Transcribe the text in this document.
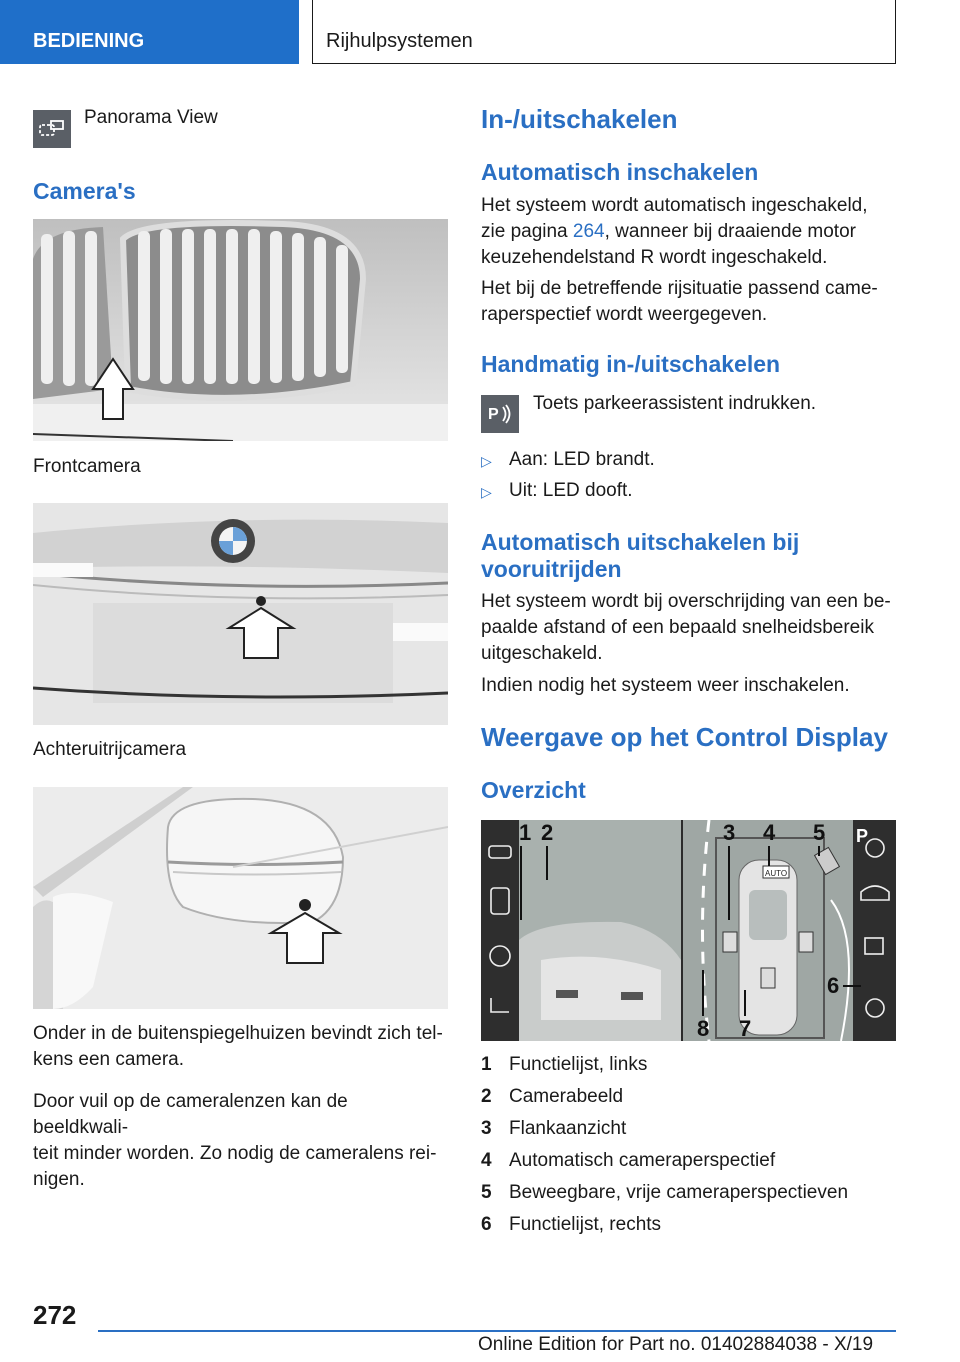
BEDIENING	Rijhulpsystemen
Panorama View
Camera's
Frontcamera
Achteruitrijcamera

Onder in de buitenspiegelhuizen bevindt zich tel-

kens een camera.

Door vuil op de cameralenzen kan de beeldkwali-

teit minder worden. Zo nodig de cameralens rei-

nigen.

In-/uitschakelen
Automatisch inschakelen

Het systeem wordt automatisch ingeschakeld,

zie pagina 264, wanneer bij draaiende motor

keuzehendelstand R wordt ingeschakeld.

Het bij de betreffende rijsituatie passend came-

raperspectief wordt weergegeven.

Handmatig in-/uitschakelen
P
Toets parkeerassistent indrukken.
▷ Aan: LED brandt.
▷ Uit: LED dooft.
Automatisch uitschakelen bij
vooruitrijden

Het systeem wordt bij overschrijding van een be-

paalde afstand of een bepaald snelheidsbereik

uitgeschakeld.

Indien nodig het systeem weer inschakelen.

Weergave op het Control Display
Overzicht
AUTO
P
1 2	3 4 5
6
7
8
1 Functielijst, links
2 Camerabeeld
3 Flankaanzicht
4 Automatisch cameraperspectief
5 Beweegbare, vrije cameraperspectieven
6 Functielijst, rechts
272
Online Edition for Part no. 01402884038 - X/19
